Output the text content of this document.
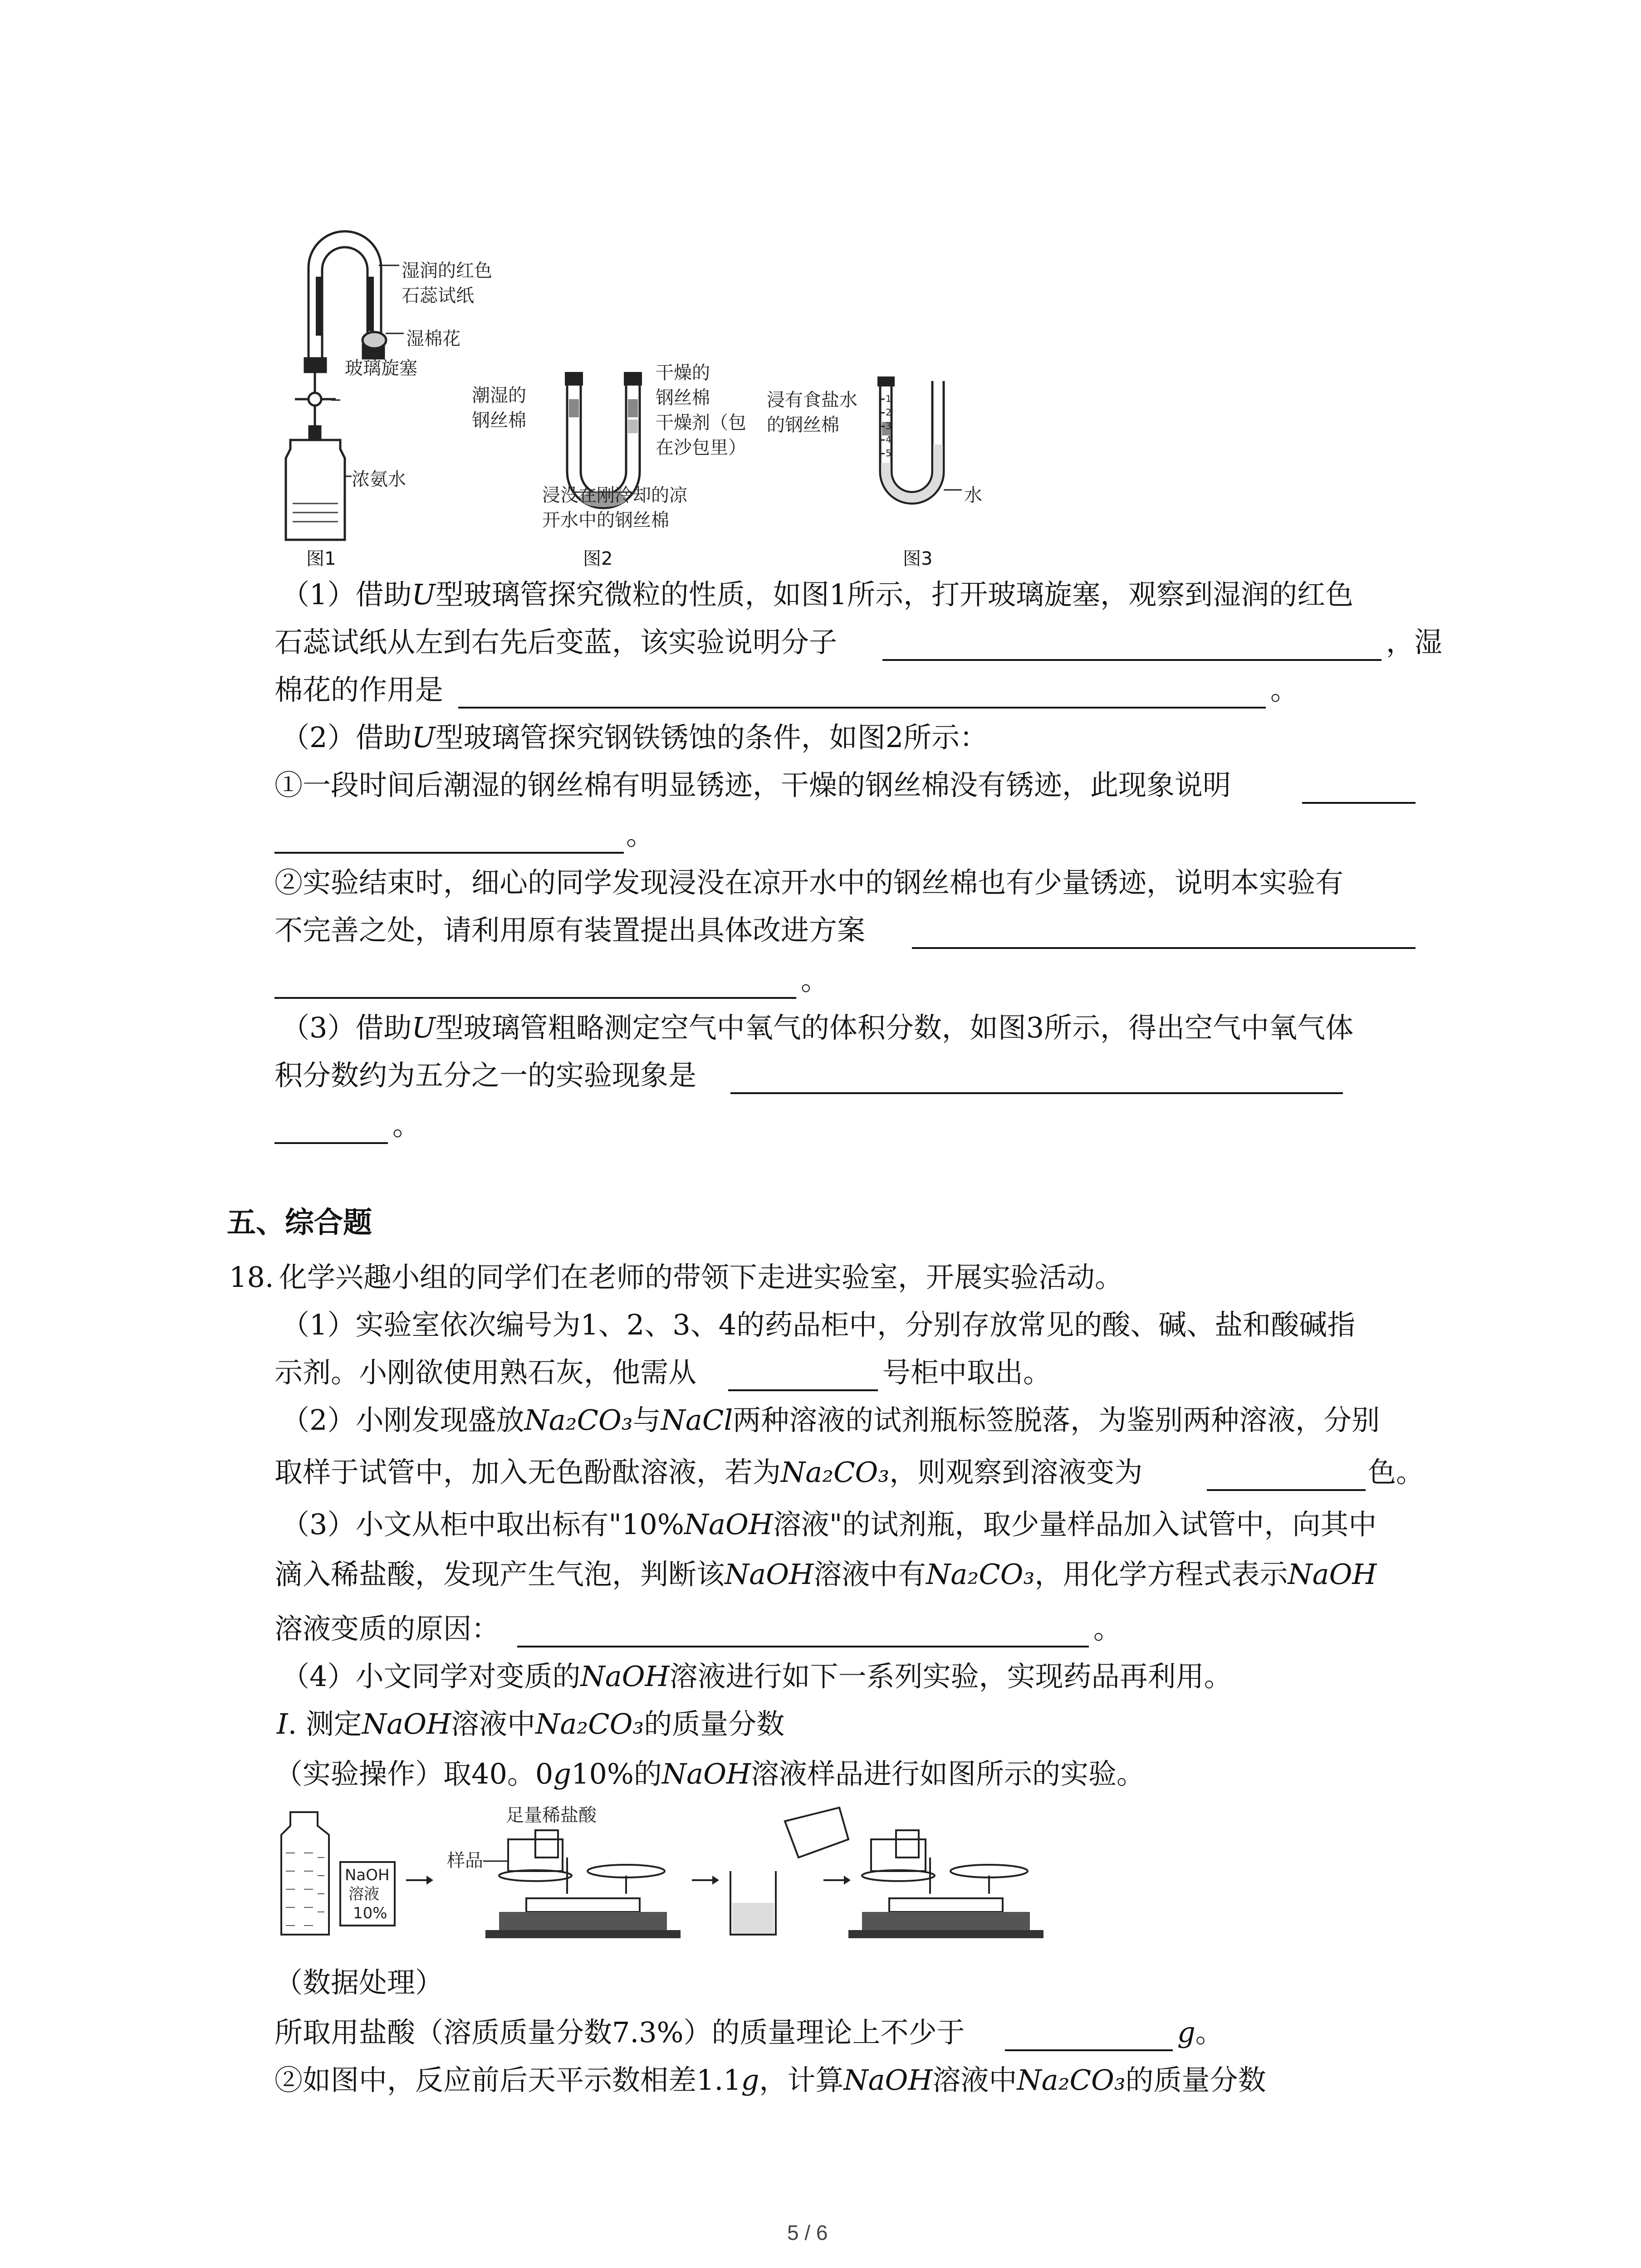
湿润的红色
石蕊试纸
湿棉花
玻璃旋塞
浓氨水
图1
潮湿的
钢丝棉
干燥的
钢丝棉
干燥剂（包
在沙包里）
浸没在刚冷却的凉
开水中的钢丝棉
图2
1
2
3
4
5
浸有食盐水
的钢丝棉
水
图3
（1）借助U型玻璃管探究微粒的性质，如图1所示，打开玻璃旋塞，观察到湿润的红色
石蕊试纸从左到右先后变蓝，该实验说明分子	，湿
棉花的作用是	。
（2）借助U型玻璃管探究钢铁锈蚀的条件，如图2所示：
①一段时间后潮湿的钢丝棉有明显锈迹，干燥的钢丝棉没有锈迹，此现象说明
。
②实验结束时，细心的同学发现浸没在凉开水中的钢丝棉也有少量锈迹，说明本实验有
不完善之处，请利用原有装置提出具体改进方案
。
（3）借助U型玻璃管粗略测定空气中氧气的体积分数，如图3所示，得出空气中氧气体
积分数约为五分之一的实验现象是
。
五、综合题
18. 化学兴趣小组的同学们在老师的带领下走进实验室，开展实验活动。
（1）实验室依次编号为1、2、3、4的药品柜中，分别存放常见的酸、碱、盐和酸碱指
示剂。小刚欲使用熟石灰，他需从	号柜中取出。
（2）小刚发现盛放Na₂CO₃与NaCl两种溶液的试剂瓶标签脱落，为鉴别两种溶液，分别
取样于试管中，加入无色酚酞溶液，若为Na₂CO₃，则观察到溶液变为	色。
（3）小文从柜中取出标有"10%NaOH溶液"的试剂瓶，取少量样品加入试管中，向其中
滴入稀盐酸，发现产生气泡，判断该NaOH溶液中有Na₂CO₃，用化学方程式表示NaOH
溶液变质的原因：	。
（4）小文同学对变质的NaOH溶液进行如下一系列实验，实现药品再利用。
I. 测定NaOH溶液中Na₂CO₃的质量分数
（实验操作）取40。0g10%的NaOH溶液样品进行如图所示的实验。
NaOH
溶液
10%
足量稀盐酸
样品
（数据处理）
所取用盐酸（溶质质量分数7.3%）的质量理论上不少于	g。
②如图中，反应前后天平示数相差1.1g，计算NaOH溶液中Na₂CO₃的质量分数
5 / 6
